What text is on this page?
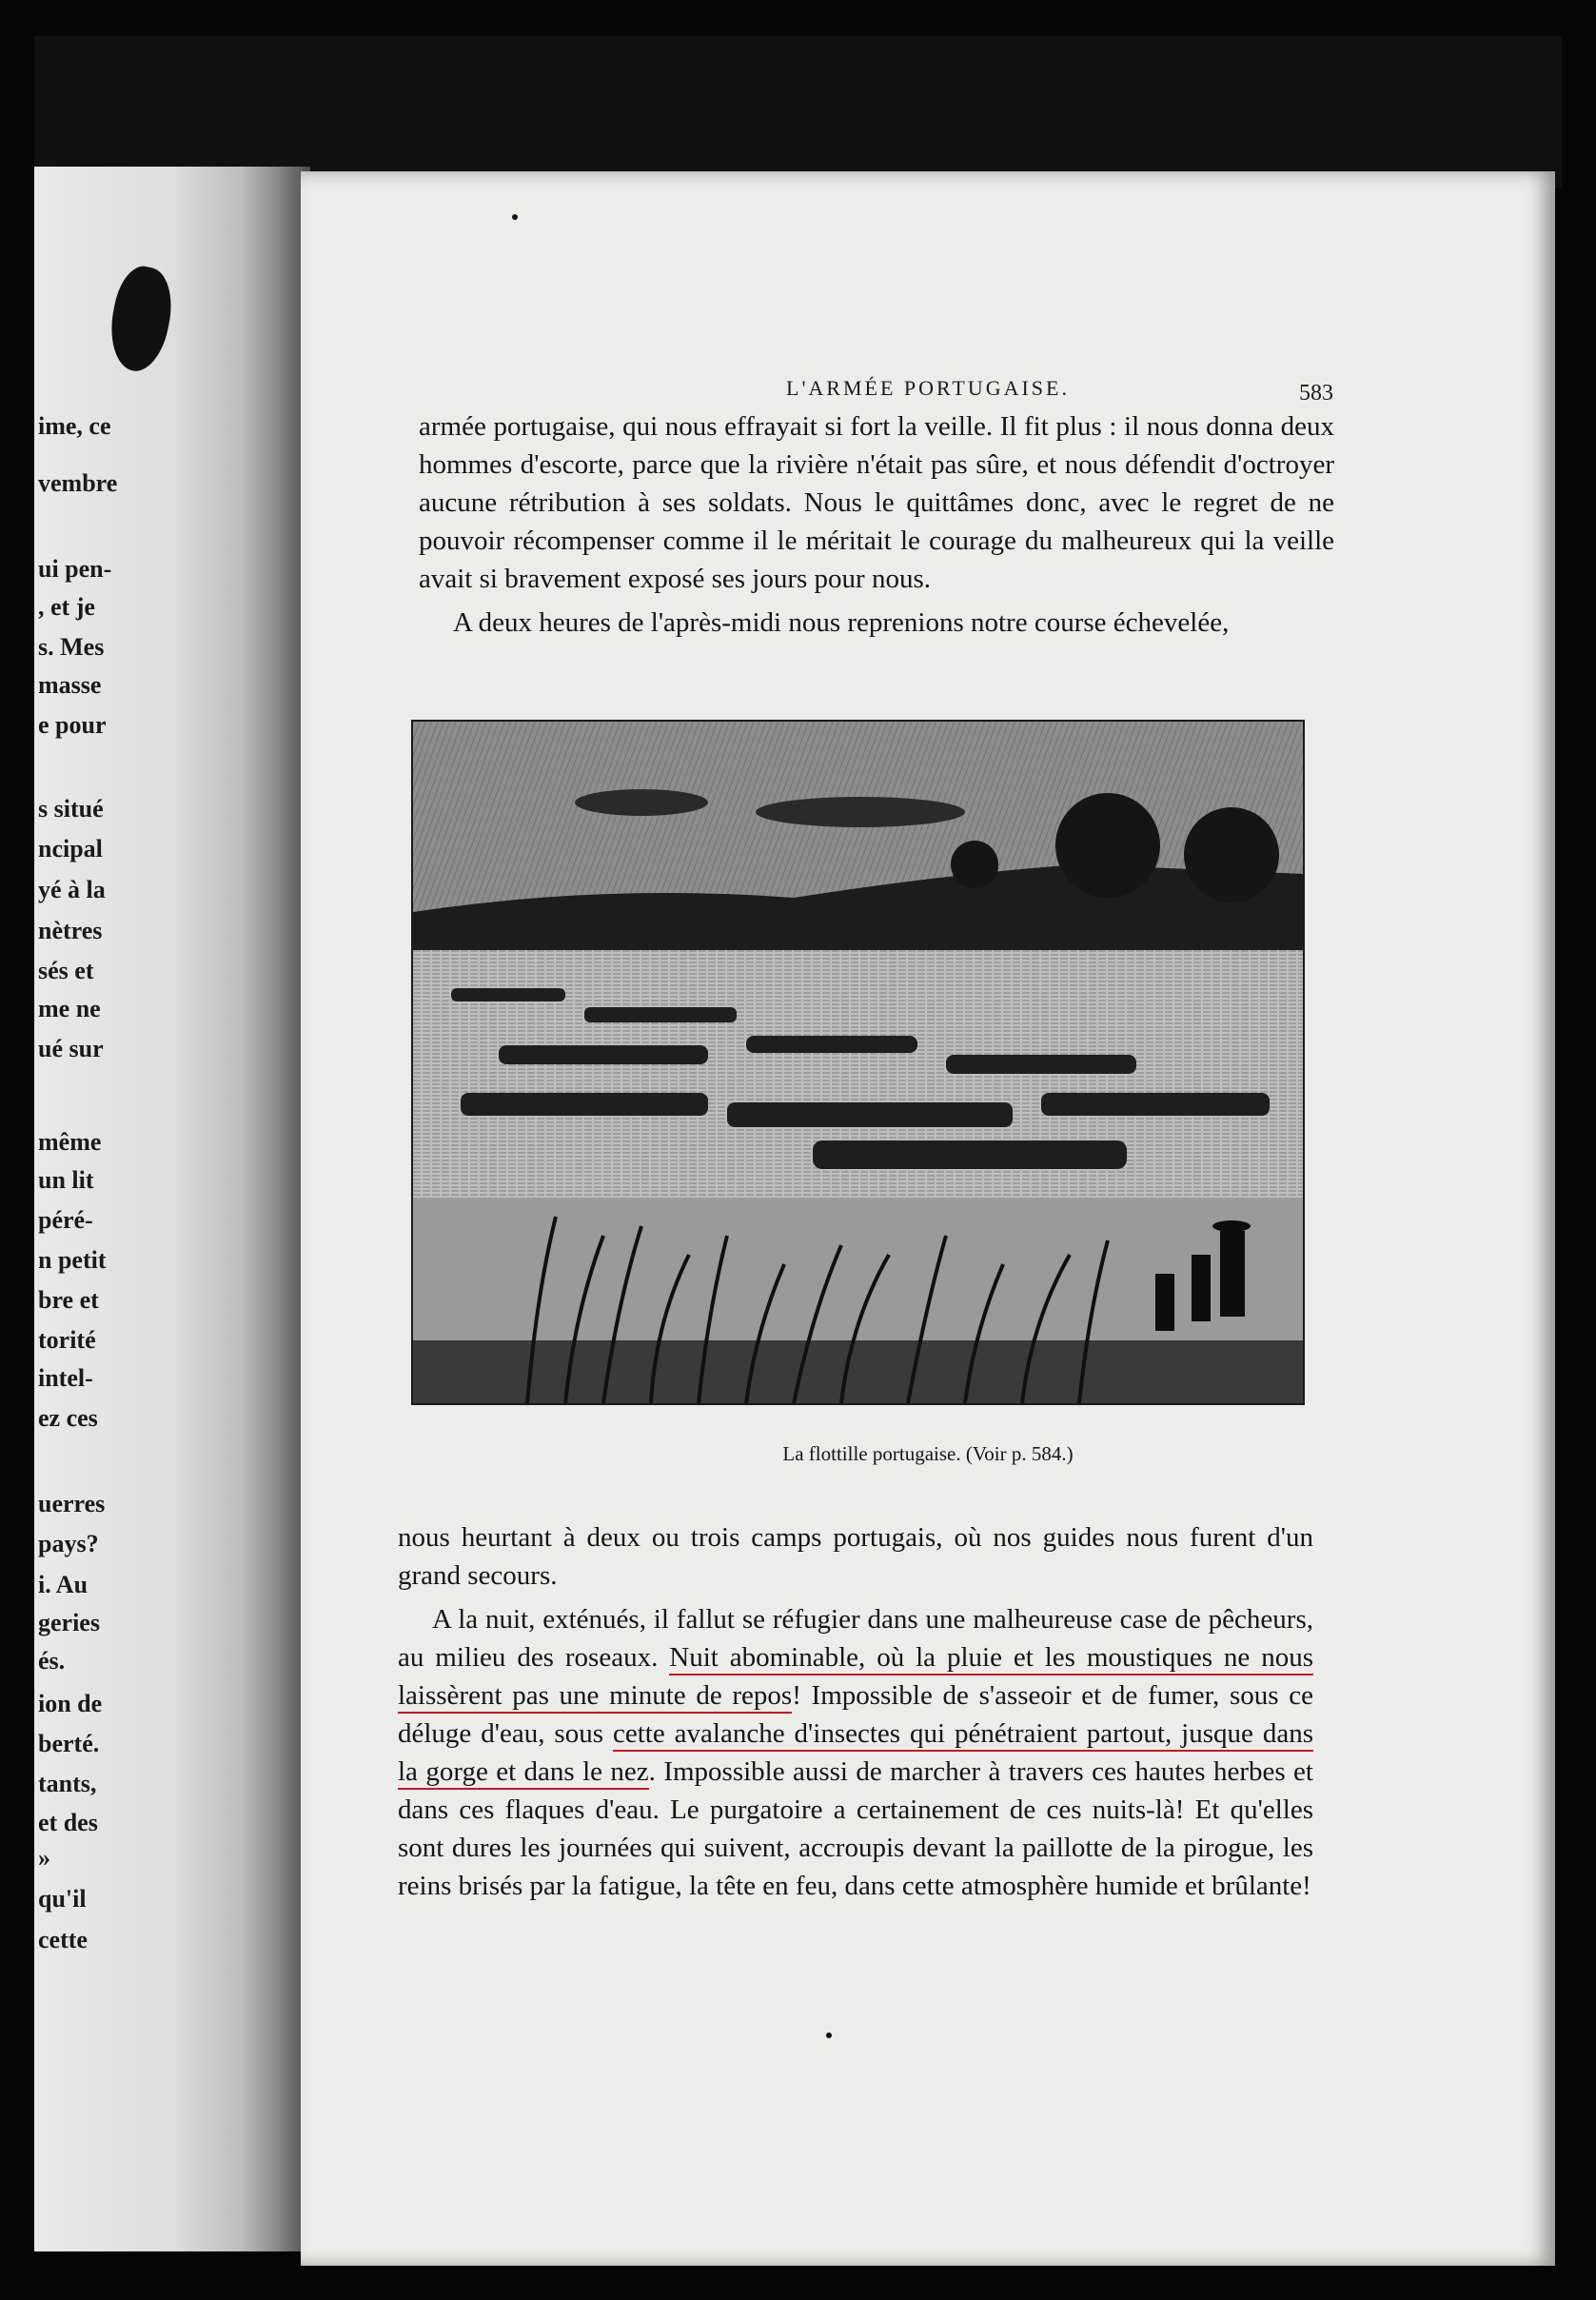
ime, ce
vembre
ui pen-
, et je
s. Mes
masse
e pour
s situé
ncipal
yé à la
nètres
sés et
me ne
ué sur
même
un lit
péré-
n petit
bre et
torité
intel-
ez ces
uerres
pays?
i. Au
geries
és.
ion de
berté.
tants,
et des
»
qu'il
cette
L'ARMÉE PORTUGAISE.	583

armée portugaise, qui nous effrayait si fort la veille. Il fit plus : il nous donna deux hommes d'escorte, parce que la rivière n'était pas sûre, et nous défendit d'octroyer aucune rétribution à ses soldats. Nous le quittâmes donc, avec le regret de ne pouvoir récompenser comme il le méritait le courage du malheureux qui la veille avait si bravement exposé ses jours pour nous.

A deux heures de l'après-midi nous reprenions notre course échevelée,

La flottille portugaise. (Voir p. 584.)

nous heurtant à deux ou trois camps portugais, où nos guides nous furent d'un grand secours.

A la nuit, exténués, il fallut se réfugier dans une malheureuse case de pêcheurs, au milieu des roseaux. Nuit abominable, où la pluie et les moustiques ne nous laissèrent pas une minute de repos! Impossible de s'asseoir et de fumer, sous ce déluge d'eau, sous cette avalanche d'insectes qui pénétraient partout, jusque dans la gorge et dans le nez. Impossible aussi de marcher à travers ces hautes herbes et dans ces flaques d'eau. Le purgatoire a certainement de ces nuits-là! Et qu'elles sont dures les journées qui suivent, accroupis devant la paillotte de la pirogue, les reins brisés par la fatigue, la tête en feu, dans cette atmosphère humide et brûlante!
